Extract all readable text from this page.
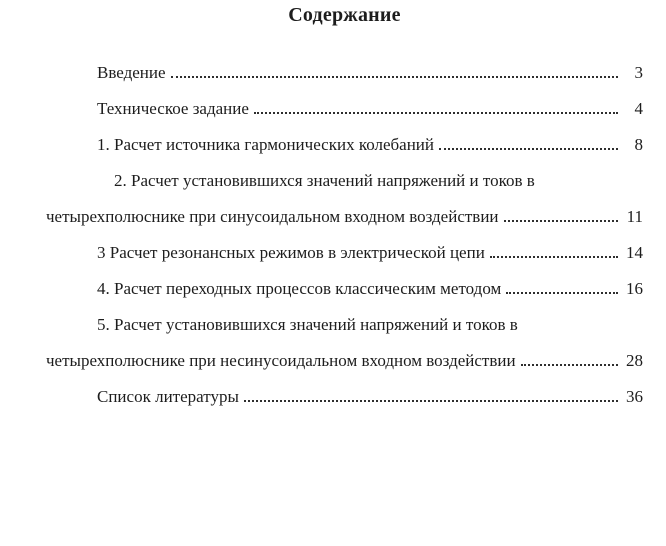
Содержание
Введение	3
Техническое задание	4
1. Расчет источника гармонических колебаний	8
2. Расчет установившихся значений напряжений и токов в
четырехполюснике при синусоидальном входном воздействии	11
3 Расчет резонансных режимов в электрической цепи	14
4. Расчет переходных процессов классическим методом	16
5. Расчет установившихся значений напряжений и токов в
четырехполюснике при несинусоидальном входном воздействии	28
Список литературы	36
